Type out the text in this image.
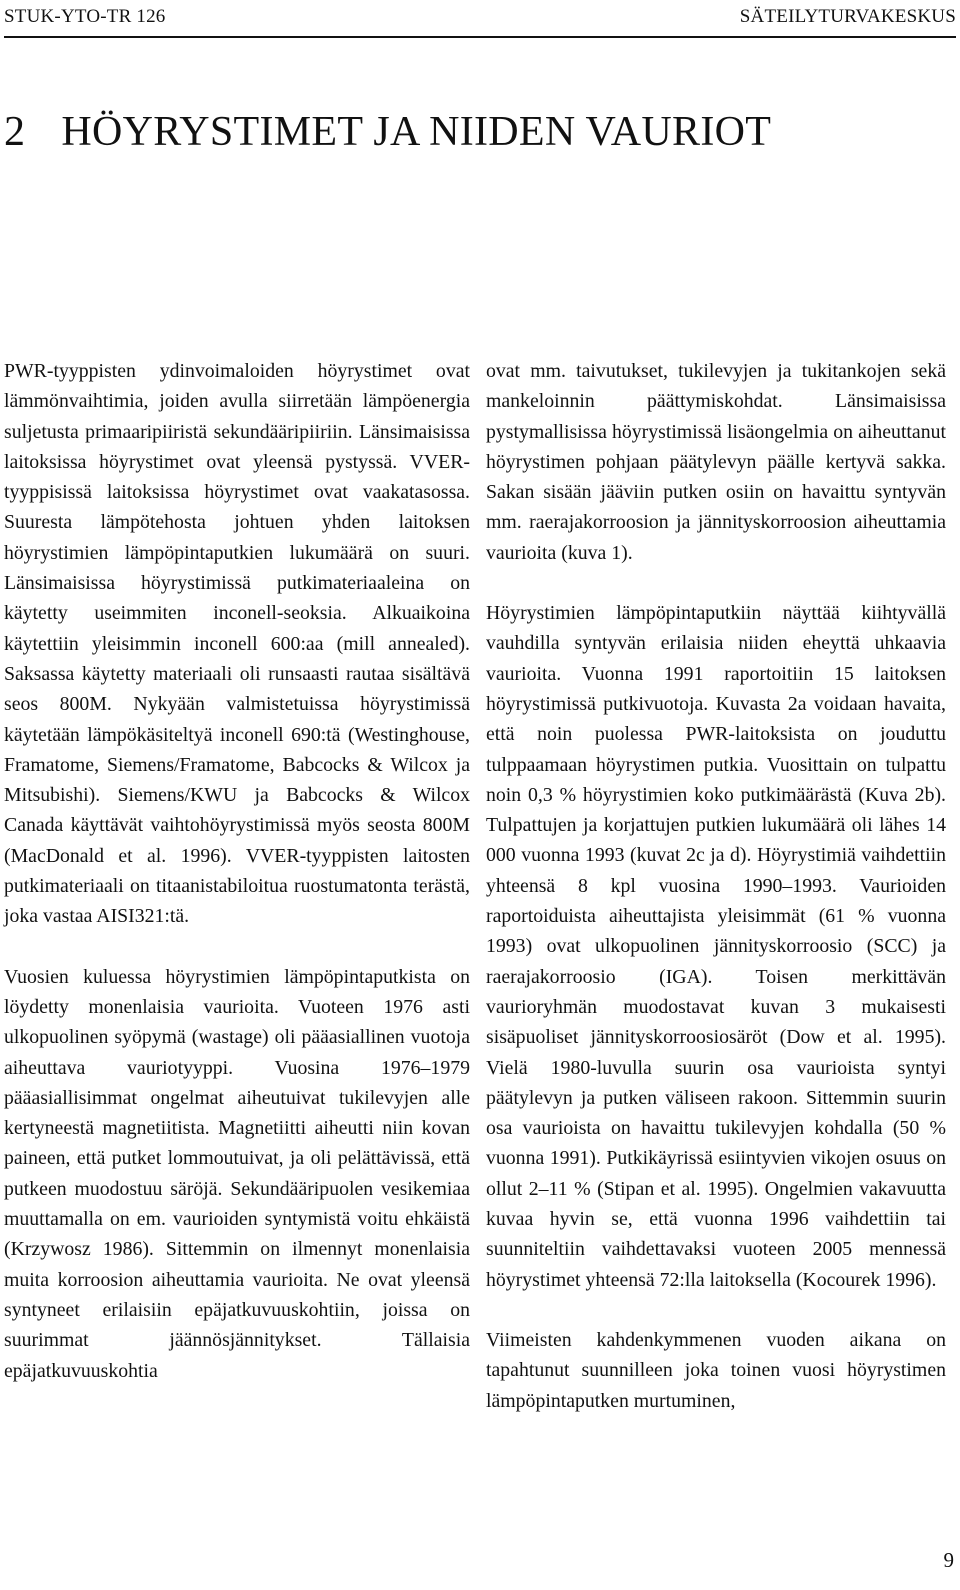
STUK-YTO-TR 126	SÄTEILYTURVAKESKUS
2 HÖYRYSTIMET JA NIIDEN VAURIOT

PWR-tyyppisten ydinvoimaloiden höyrystimet ovat lämmönvaihtimia, joiden avulla siirretään lämpöenergia suljetusta primaaripiiristä sekundääripiiriin. Länsimaisissa laitoksissa höyrystimet ovat yleensä pystyssä. VVER-tyyppisissä laitoksissa höyrystimet ovat vaakatasossa. Suuresta lämpötehosta johtuen yhden laitoksen höyrystimien lämpöpintaputkien lukumäärä on suuri. Länsimaisissa höyrystimissä putkimateriaaleina on käytetty useimmiten inconell-seoksia. Alkuaikoina käytettiin yleisimmin inconell 600:aa (mill annealed). Saksassa käytetty materiaali oli runsaasti rautaa sisältävä seos 800M. Nykyään valmistetuissa höyrystimissä käytetään lämpökäsiteltyä inconell 690:tä (Westinghouse, Framatome, Siemens/Framatome, Babcocks & Wilcox ja Mitsubishi). Siemens/KWU ja Babcocks & Wilcox Canada käyttävät vaihtohöyrystimissä myös seosta 800M (MacDonald et al. 1996). VVER-tyyppisten laitosten putkimateriaali on titaanistabiloitua ruostumatonta terästä, joka vastaa AISI321:tä.

Vuosien kuluessa höyrystimien lämpöpintaputkista on löydetty monenlaisia vaurioita. Vuoteen 1976 asti ulkopuolinen syöpymä (wastage) oli pääasiallinen vuotoja aiheuttava vauriotyyppi. Vuosina 1976–1979 pääasiallisimmat ongelmat aiheutuivat tukilevyjen alle kertyneestä magnetiitista. Magnetiitti aiheutti niin kovan paineen, että putket lommoutuivat, ja oli pelättävissä, että putkeen muodostuu säröjä. Sekundääripuolen vesikemiaa muuttamalla on em. vaurioiden syntymistä voitu ehkäistä (Krzywosz 1986). Sittemmin on ilmennyt monenlaisia muita korroosion aiheuttamia vaurioita. Ne ovat yleensä syntyneet erilaisiin epäjatkuvuuskohtiin, joissa on suurimmat jäännösjännitykset. Tällaisia epäjatkuvuuskohtia

ovat mm. taivutukset, tukilevyjen ja tukitankojen sekä mankeloinnin päättymiskohdat. Länsimaisissa pystymallisissa höyrystimissä lisäongelmia on aiheuttanut höyrystimen pohjaan päätylevyn päälle kertyvä sakka. Sakan sisään jääviin putken osiin on havaittu syntyvän mm. raerajakorroosion ja jännityskorroosion aiheuttamia vaurioita (kuva 1).

Höyrystimien lämpöpintaputkiin näyttää kiihtyvällä vauhdilla syntyvän erilaisia niiden eheyttä uhkaavia vaurioita. Vuonna 1991 raportoitiin 15 laitoksen höyrystimissä putkivuotoja. Kuvasta 2a voidaan havaita, että noin puolessa PWR-laitoksista on jouduttu tulppaamaan höyrystimen putkia. Vuosittain on tulpattu noin 0,3 % höyrystimien koko putkimäärästä (Kuva 2b). Tulpattujen ja korjattujen putkien lukumäärä oli lähes 14 000 vuonna 1993 (kuvat 2c ja d). Höyrystimiä vaihdettiin yhteensä 8 kpl vuosina 1990–1993. Vaurioiden raportoiduista aiheuttajista yleisimmät (61 % vuonna 1993) ovat ulkopuolinen jännityskorroosio (SCC) ja raerajakorroosio (IGA). Toisen merkittävän vaurioryhmän muodostavat kuvan 3 mukaisesti sisäpuoliset jännityskorroosiosäröt (Dow et al. 1995). Vielä 1980-luvulla suurin osa vaurioista syntyi päätylevyn ja putken väliseen rakoon. Sittemmin suurin osa vaurioista on havaittu tukilevyjen kohdalla (50 % vuonna 1991). Putkikäyrissä esiintyvien vikojen osuus on ollut 2–11 % (Stipan et al. 1995). Ongelmien vakavuutta kuvaa hyvin se, että vuonna 1996 vaihdettiin tai suunniteltiin vaihdettavaksi vuoteen 2005 mennessä höyrystimet yhteensä 72:lla laitoksella (Kocourek 1996).

Viimeisten kahdenkymmenen vuoden aikana on tapahtunut suunnilleen joka toinen vuosi höyrystimen lämpöpintaputken murtuminen,

9
